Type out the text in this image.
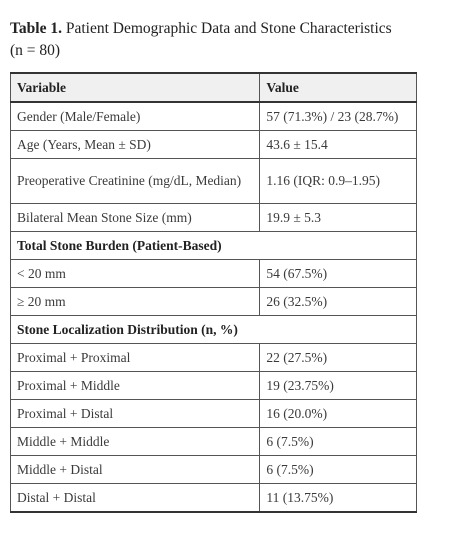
Table 1. Patient Demographic Data and Stone Characteristics
(n = 80)
Variable	Value
Gender (Male/Female)	57 (71.3%) / 23 (28.7%)
Age (Years, Mean ± SD)	43.6 ± 15.4
Preoperative Creatinine (mg/dL, Median)	1.16 (IQR: 0.9–1.95)
Bilateral Mean Stone Size (mm)	19.9 ± 5.3
Total Stone Burden (Patient-Based)	
< 20 mm	54 (67.5%)
≥ 20 mm	26 (32.5%)
Stone Localization Distribution (n, %)	
Proximal + Proximal	22 (27.5%)
Proximal + Middle	19 (23.75%)
Proximal + Distal	16 (20.0%)
Middle + Middle	6 (7.5%)
Middle + Distal	6 (7.5%)
Distal + Distal	11 (13.75%)
